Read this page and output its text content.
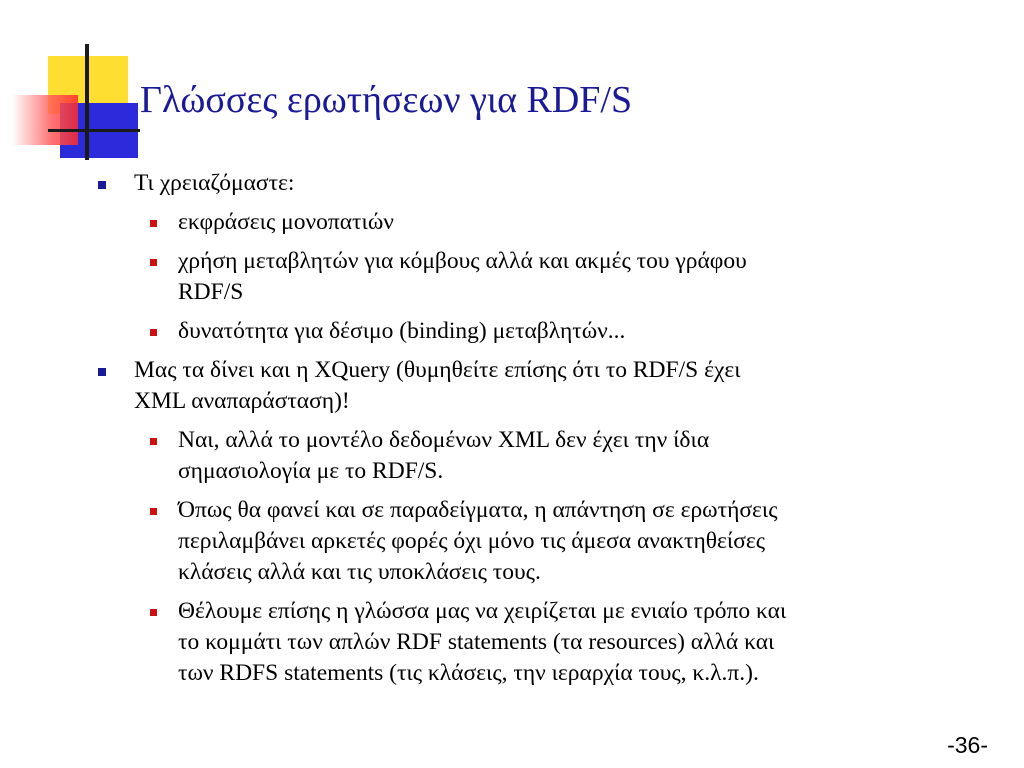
Γλώσσες ερωτήσεων για RDF/S
Τι χρειαζόμαστε:
εκφράσεις μονοπατιών
χρήση μεταβλητών για κόμβους αλλά και ακμές του γράφου
RDF/S
δυνατότητα για δέσιμο (binding) μεταβλητών...
Μας τα δίνει και η XQuery (θυμηθείτε επίσης ότι το RDF/S έχει
XML αναπαράσταση)!
Ναι, αλλά το μοντέλο δεδομένων XML δεν έχει την ίδια
σημασιολογία με το RDF/S.
Όπως θα φανεί και σε παραδείγματα, η απάντηση σε ερωτήσεις
περιλαμβάνει αρκετές φορές όχι μόνο τις άμεσα ανακτηθείσες
κλάσεις αλλά και τις υποκλάσεις τους.
Θέλουμε επίσης η γλώσσα μας να χειρίζεται με ενιαίο τρόπο και
το κομμάτι των απλών RDF statements (τα resources) αλλά και
των RDFS statements (τις κλάσεις, την ιεραρχία τους, κ.λ.π.).
-36-
